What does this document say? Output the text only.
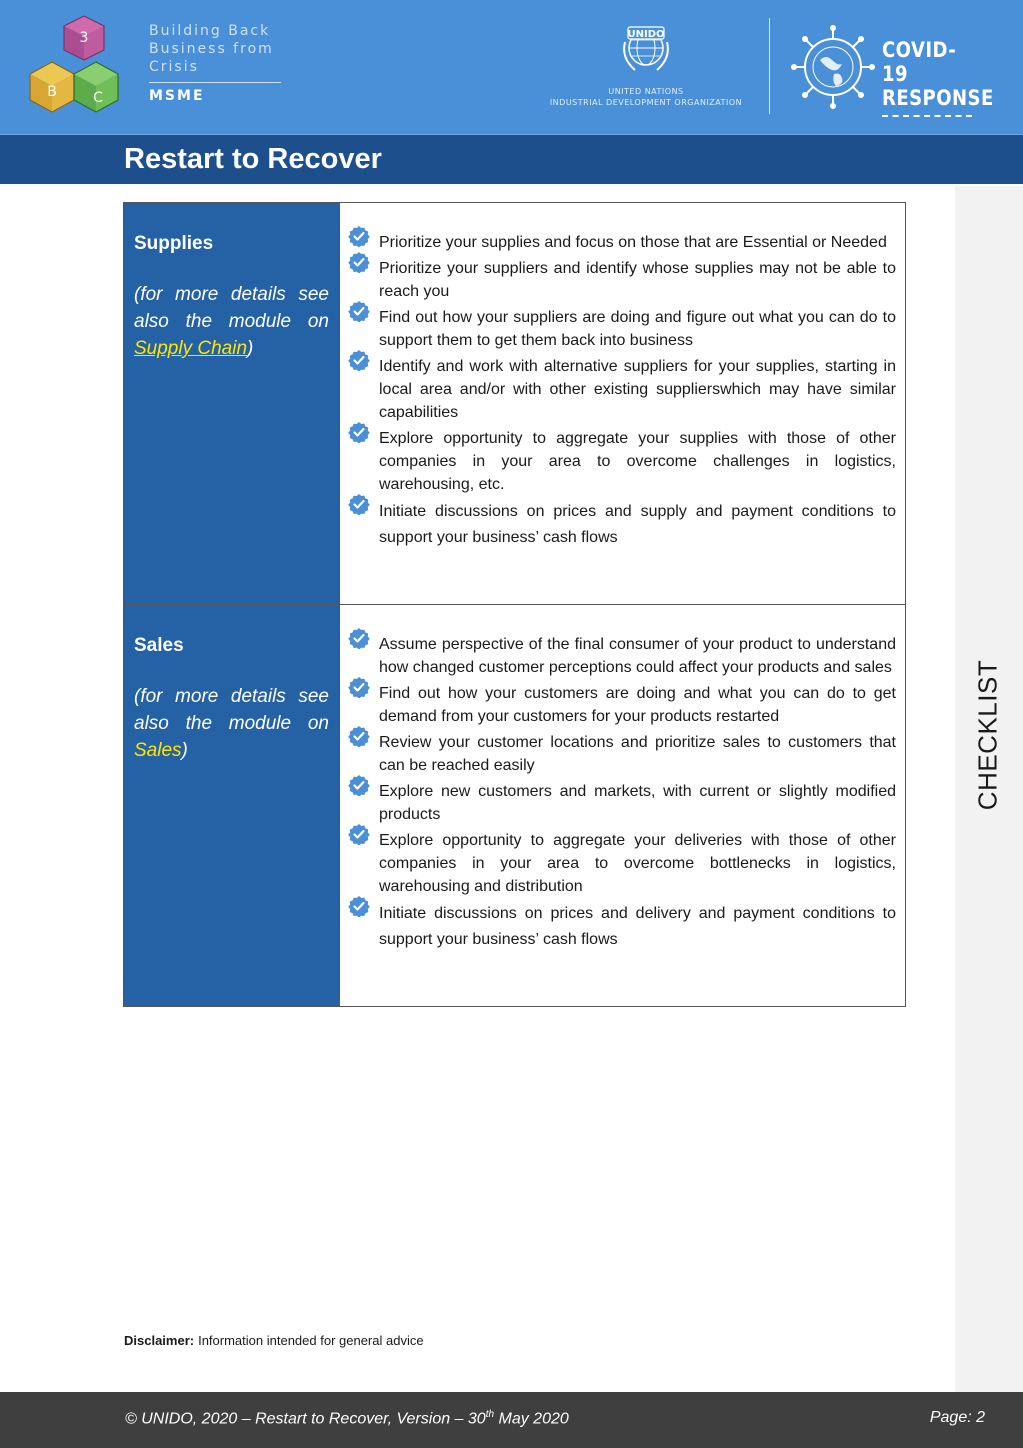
3
B	C
Building Back
Business from
Crisis
MSME
UNIDO
UNITED NATIONS
INDUSTRIAL DEVELOPMENT ORGANIZATION
COVID-19
RESPONSE
Restart to Recover
CHECKLIST
Supplies
(for more details see also the module on Supply Chain)
Prioritize your supplies and focus on those that are Essential or Needed
Prioritize your suppliers and identify whose supplies may not be able to reach you
Find out how your suppliers are doing and figure out what you can do to support them to get them back into business
Identify and work with alternative suppliers for your supplies, starting in local area and/or with other existing supplierswhich may have similar capabilities
Explore opportunity to aggregate your supplies with those of other companies in your area to overcome challenges in logistics, warehousing, etc.
Initiate discussions on prices and supply and payment conditions to support your business’ cash flows
Sales
(for more details see also the module on Sales)
Assume perspective of the final consumer of your product to understand how changed customer perceptions could affect your products and sales
Find out how your customers are doing and what you can do to get demand from your customers for your products restarted
Review your customer locations and prioritize sales to customers that can be reached easily
Explore new customers and markets, with current or slightly modified products
Explore opportunity to aggregate your deliveries with those of other companies in your area to overcome bottlenecks in logistics, warehousing and distribution
Initiate discussions on prices and delivery and payment conditions to support your business’ cash flows
Disclaimer: Information intended for general advice
© UNIDO, 2020 – Restart to Recover, Version – 30th May 2020	Page: 2
